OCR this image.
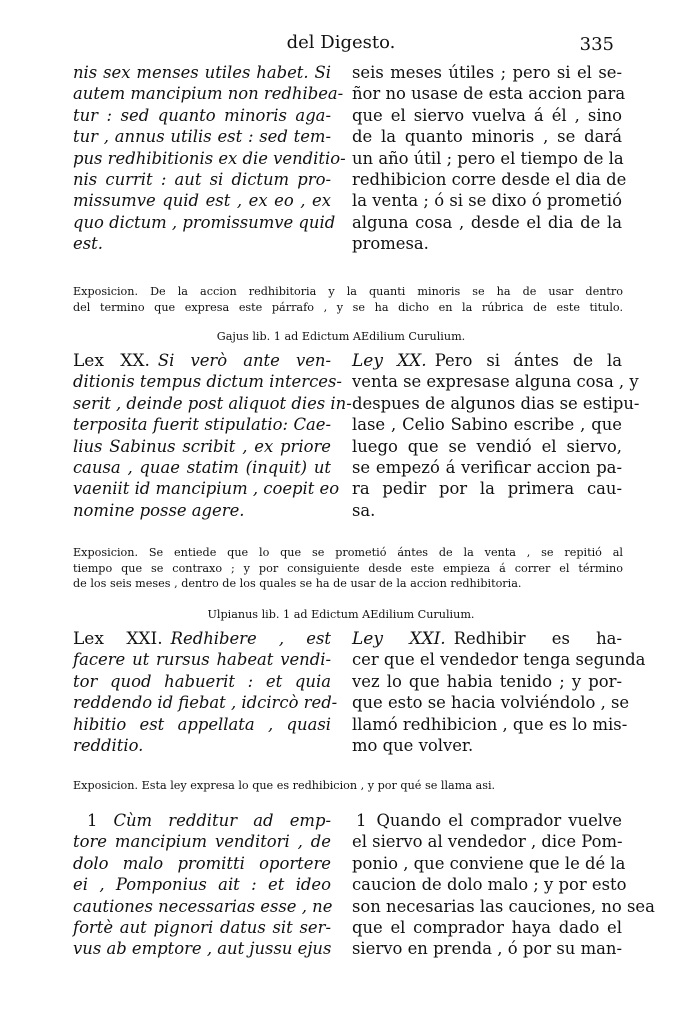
del Digesto.	335
nis sex menses utiles habet. Si
autem mancipium non redhibea-
tur : sed quanto minoris aga-
tur , annus utilis est : sed tem-
pus redhibitionis ex die venditio-
nis currit : aut si dictum pro-
missumve quid est , ex eo , ex
quo dictum , promissumve quid
est.
seis meses útiles ; pero si el se-
ñor no usase de esta accion para
que el siervo vuelva á él , sino
de la quanto minoris , se dará
un año útil ; pero el tiempo de la
redhibicion corre desde el dia de
la venta ; ó si se dixo ó prometió
alguna cosa , desde el dia de la
promesa.
Exposicion. De la accion redhibitoria y la quanti minoris se ha de usar dentro
del termino que expresa este párrafo , y se ha dicho en la rúbrica de este titulo.
Gajus lib. 1 ad Edictum AEdilium Curulium.
Lex XX. Si verò ante ven-
ditionis tempus dictum interces-
serit , deinde post aliquot dies in-
terposita fuerit stipulatio: Cae-
lius Sabinus scribit , ex priore
causa , quae statim (inquit) ut
vaeniit id mancipium , coepit eo
nomine posse agere.
Ley XX. Pero si ántes de la
venta se expresase alguna cosa , y
despues de algunos dias se estipu-
lase , Celio Sabino escribe , que
luego que se vendió el siervo,
se empezó á verificar accion pa-
ra pedir por la primera cau-
sa.
Exposicion. Se entiede que lo que se prometió ántes de la venta , se repitió al
tiempo que se contraxo ; y por consiguiente desde este empieza á correr el término
de los seis meses , dentro de los quales se ha de usar de la accion redhibitoria.
Ulpianus lib. 1 ad Edictum AEdilium Curulium.
Lex XXI. Redhibere , est
facere ut rursus habeat vendi-
tor quod habuerit : et quia
reddendo id fiebat , idcircò red-
hibitio est appellata , quasi
redditio.
Ley XXI. Redhibir es ha-
cer que el vendedor tenga segunda
vez lo que habia tenido ; y por-
que esto se hacia volviéndolo , se
llamó redhibicion , que es lo mis-
mo que volver.
Exposicion. Esta ley expresa lo que es redhibicion , y por qué se llama asi.
1 Cùm redditur ad emp-
tore mancipium venditori , de
dolo malo promitti oportere
ei , Pomponius ait : et ideo
cautiones necessarias esse , ne
fortè aut pignori datus sit ser-
vus ab emptore , aut jussu ejus
1 Quando el comprador vuelve
el siervo al vendedor , dice Pom-
ponio , que conviene que le dé la
caucion de dolo malo ; y por esto
son necesarias las cauciones, no sea
que el comprador haya dado el
siervo en prenda , ó por su man-
